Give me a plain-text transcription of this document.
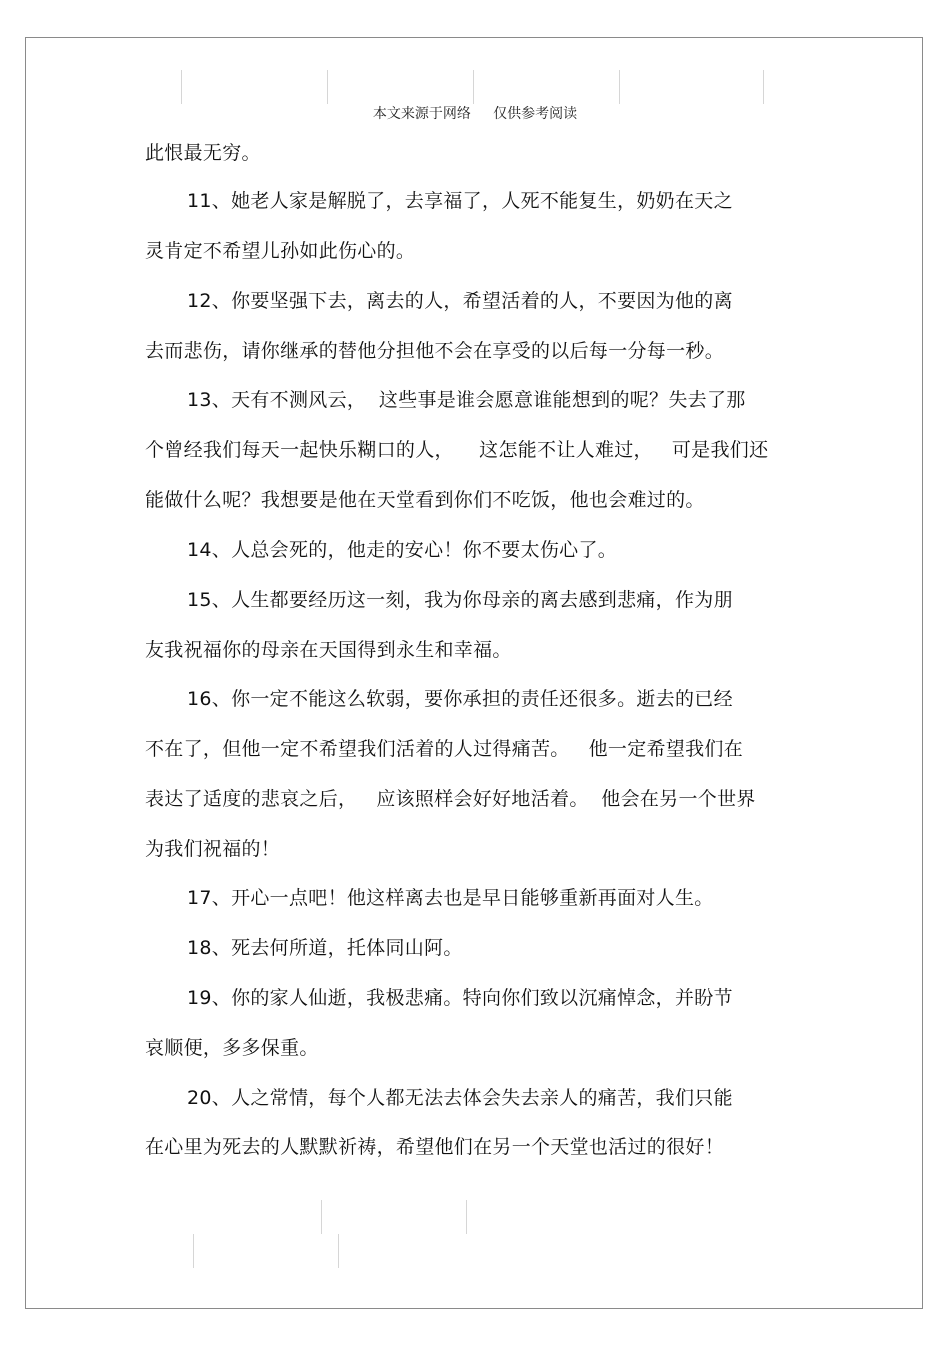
本文来源于网络     仅供参考阅读
此恨最无穷。
11、她老人家是解脱了，去享福了，人死不能复生，奶奶在天之
灵肯定不希望儿孙如此伤心的。
12、你要坚强下去，离去的人，希望活着的人，不要因为他的离
去而悲伤，请你继承的替他分担他不会在享受的以后每一分每一秒。
13、天有不测风云，  这些事是谁会愿意谁能想到的呢？失去了那
个曾经我们每天一起快乐糊口的人，    这怎能不让人难过，   可是我们还
能做什么呢？我想要是他在天堂看到你们不吃饭，他也会难过的。
14、人总会死的，他走的安心！你不要太伤心了。
15、人生都要经历这一刻，我为你母亲的离去感到悲痛，作为朋
友我祝福你的母亲在天国得到永生和幸福。
16、你一定不能这么软弱，要你承担的责任还很多。逝去的已经
不在了，但他一定不希望我们活着的人过得痛苦。   他一定希望我们在
表达了适度的悲哀之后，   应该照样会好好地活着。  他会在另一个世界
为我们祝福的！
17、开心一点吧！他这样离去也是早日能够重新再面对人生。
18、死去何所道，托体同山阿。
19、你的家人仙逝，我极悲痛。特向你们致以沉痛悼念，并盼节
哀顺便，多多保重。
20、人之常情，每个人都无法去体会失去亲人的痛苦，我们只能
在心里为死去的人默默祈祷，希望他们在另一个天堂也活过的很好！
